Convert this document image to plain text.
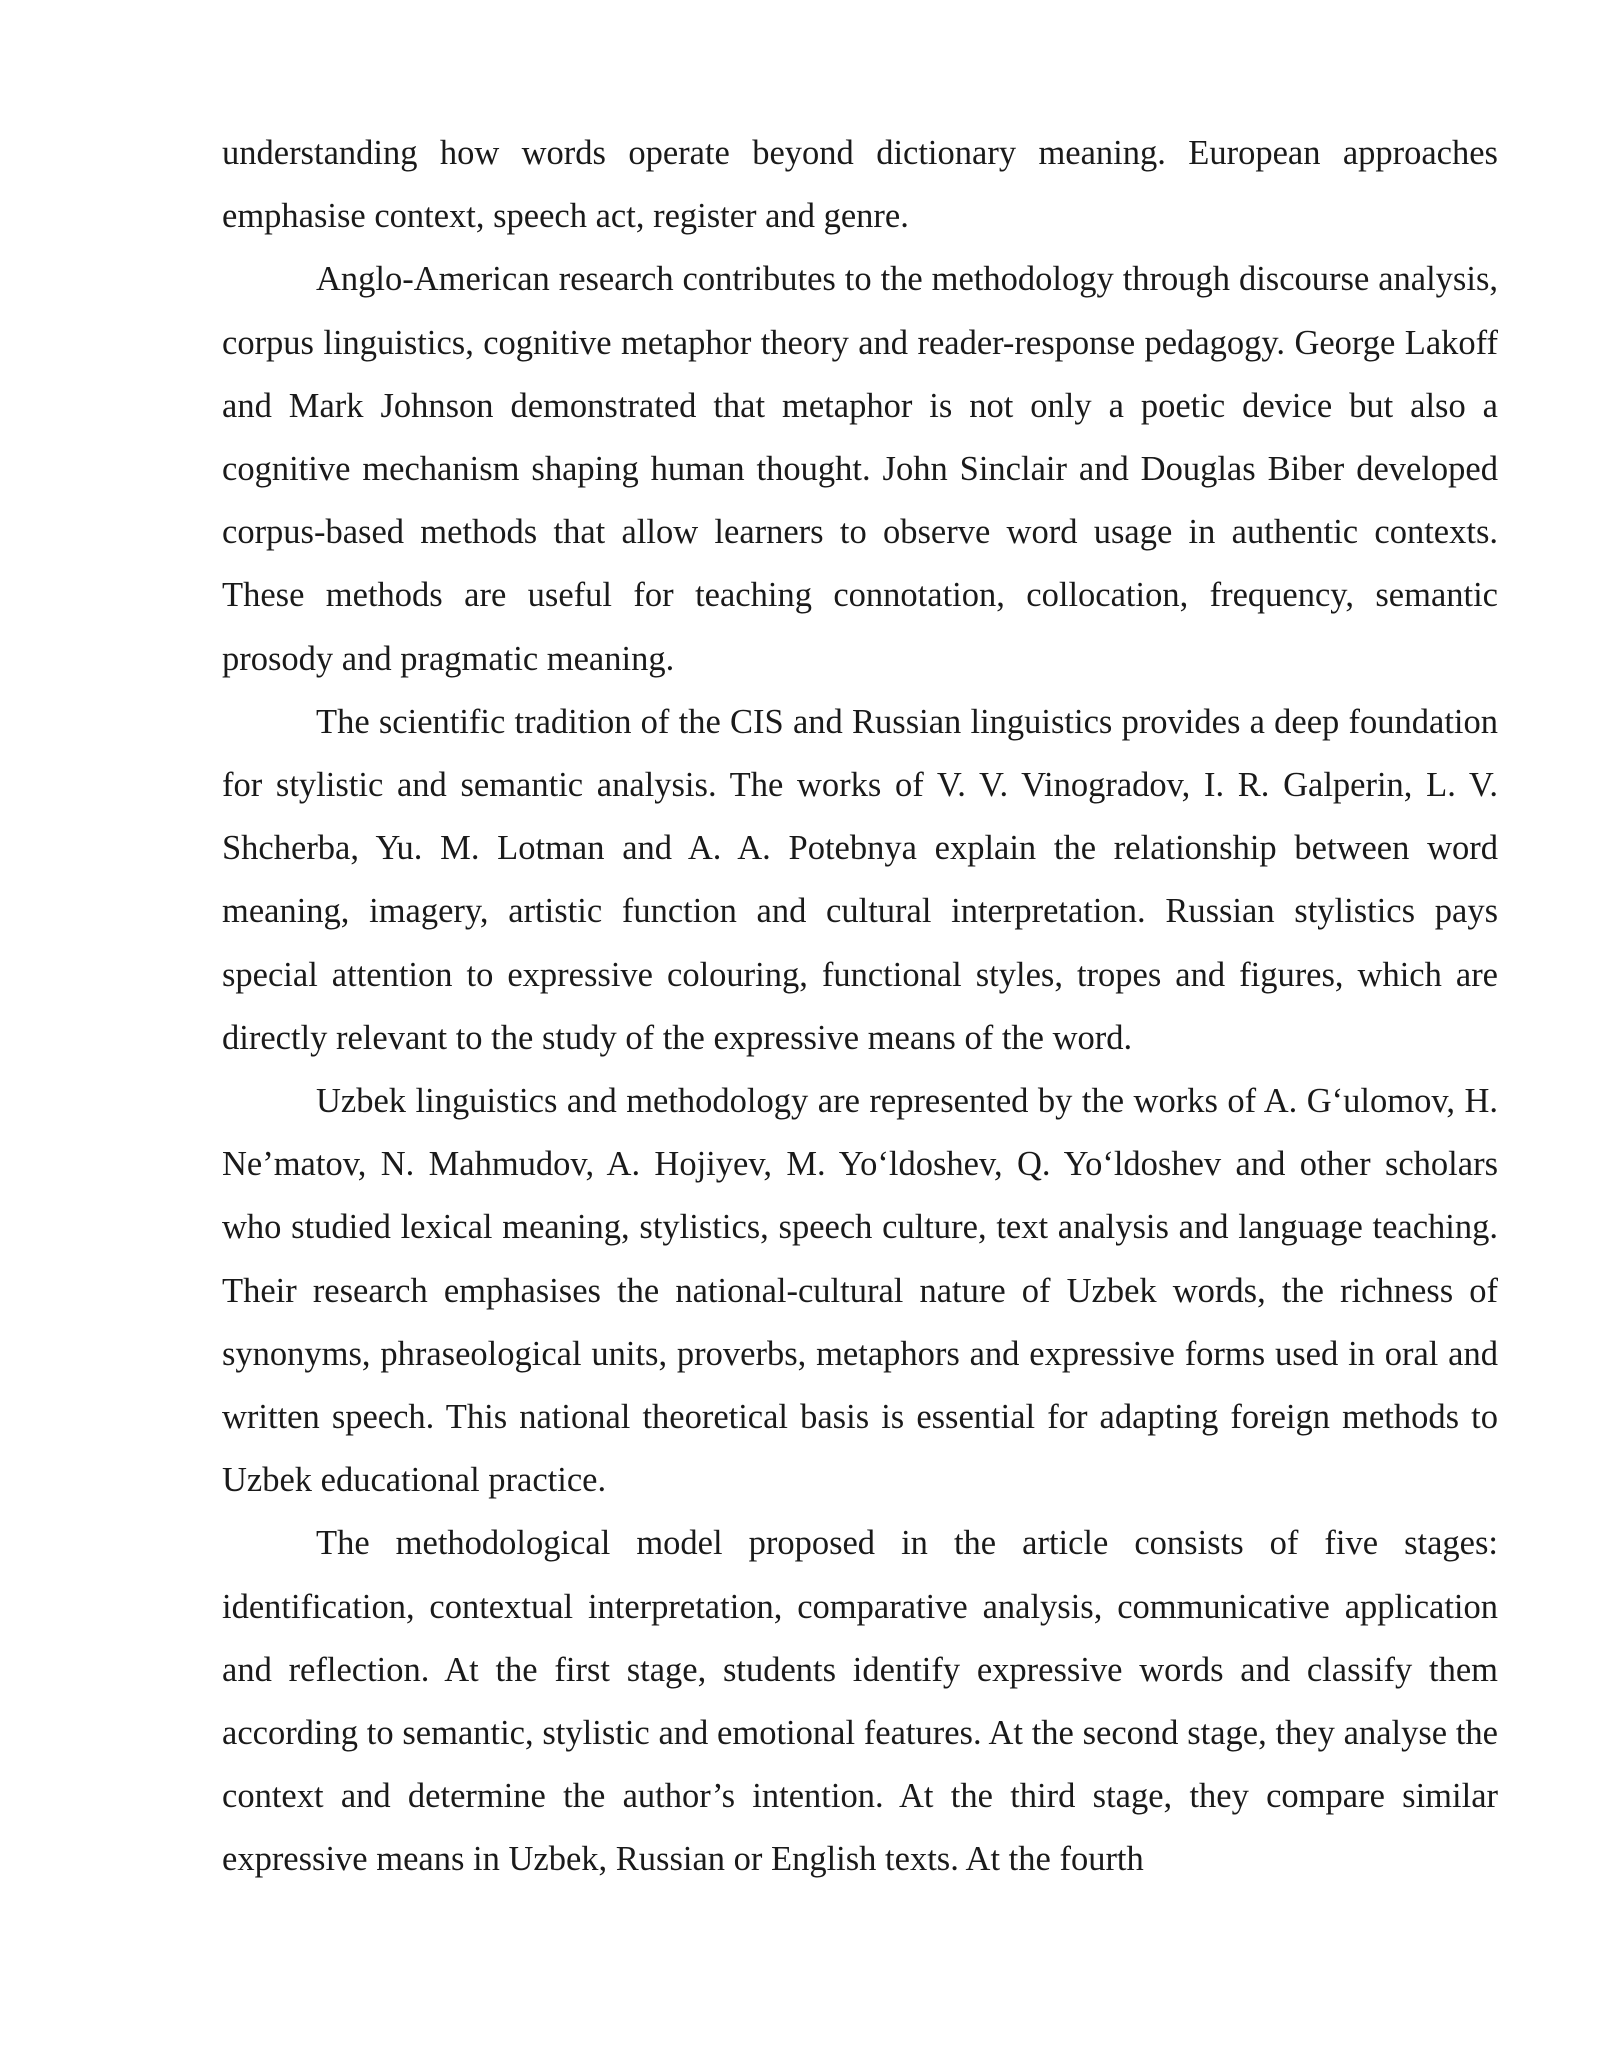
understanding how words operate beyond dictionary meaning. European approaches emphasise context, speech act, register and genre.

Anglo-American research contributes to the methodology through discourse analysis, corpus linguistics, cognitive metaphor theory and reader-response pedagogy. George Lakoff and Mark Johnson demonstrated that metaphor is not only a poetic device but also a cognitive mechanism shaping human thought. John Sinclair and Douglas Biber developed corpus-based methods that allow learners to observe word usage in authentic contexts. These methods are useful for teaching connotation, collocation, frequency, semantic prosody and pragmatic meaning.

The scientific tradition of the CIS and Russian linguistics provides a deep foundation for stylistic and semantic analysis. The works of V. V. Vinogradov, I. R. Galperin, L. V. Shcherba, Yu. M. Lotman and A. A. Potebnya explain the relationship between word meaning, imagery, artistic function and cultural interpretation. Russian stylistics pays special attention to expressive colouring, functional styles, tropes and figures, which are directly relevant to the study of the expressive means of the word.

Uzbek linguistics and methodology are represented by the works of A. G‘ulomov, H. Ne’matov, N. Mahmudov, A. Hojiyev, M. Yo‘ldoshev, Q. Yo‘ldoshev and other scholars who studied lexical meaning, stylistics, speech culture, text analysis and language teaching. Their research emphasises the national-cultural nature of Uzbek words, the richness of synonyms, phraseological units, proverbs, metaphors and expressive forms used in oral and written speech. This national theoretical basis is essential for adapting foreign methods to Uzbek educational practice.

The methodological model proposed in the article consists of five stages: identification, contextual interpretation, comparative analysis, communicative application and reflection. At the first stage, students identify expressive words and classify them according to semantic, stylistic and emotional features. At the second stage, they analyse the context and determine the author’s intention. At the third stage, they compare similar expressive means in Uzbek, Russian or English texts. At the fourth
